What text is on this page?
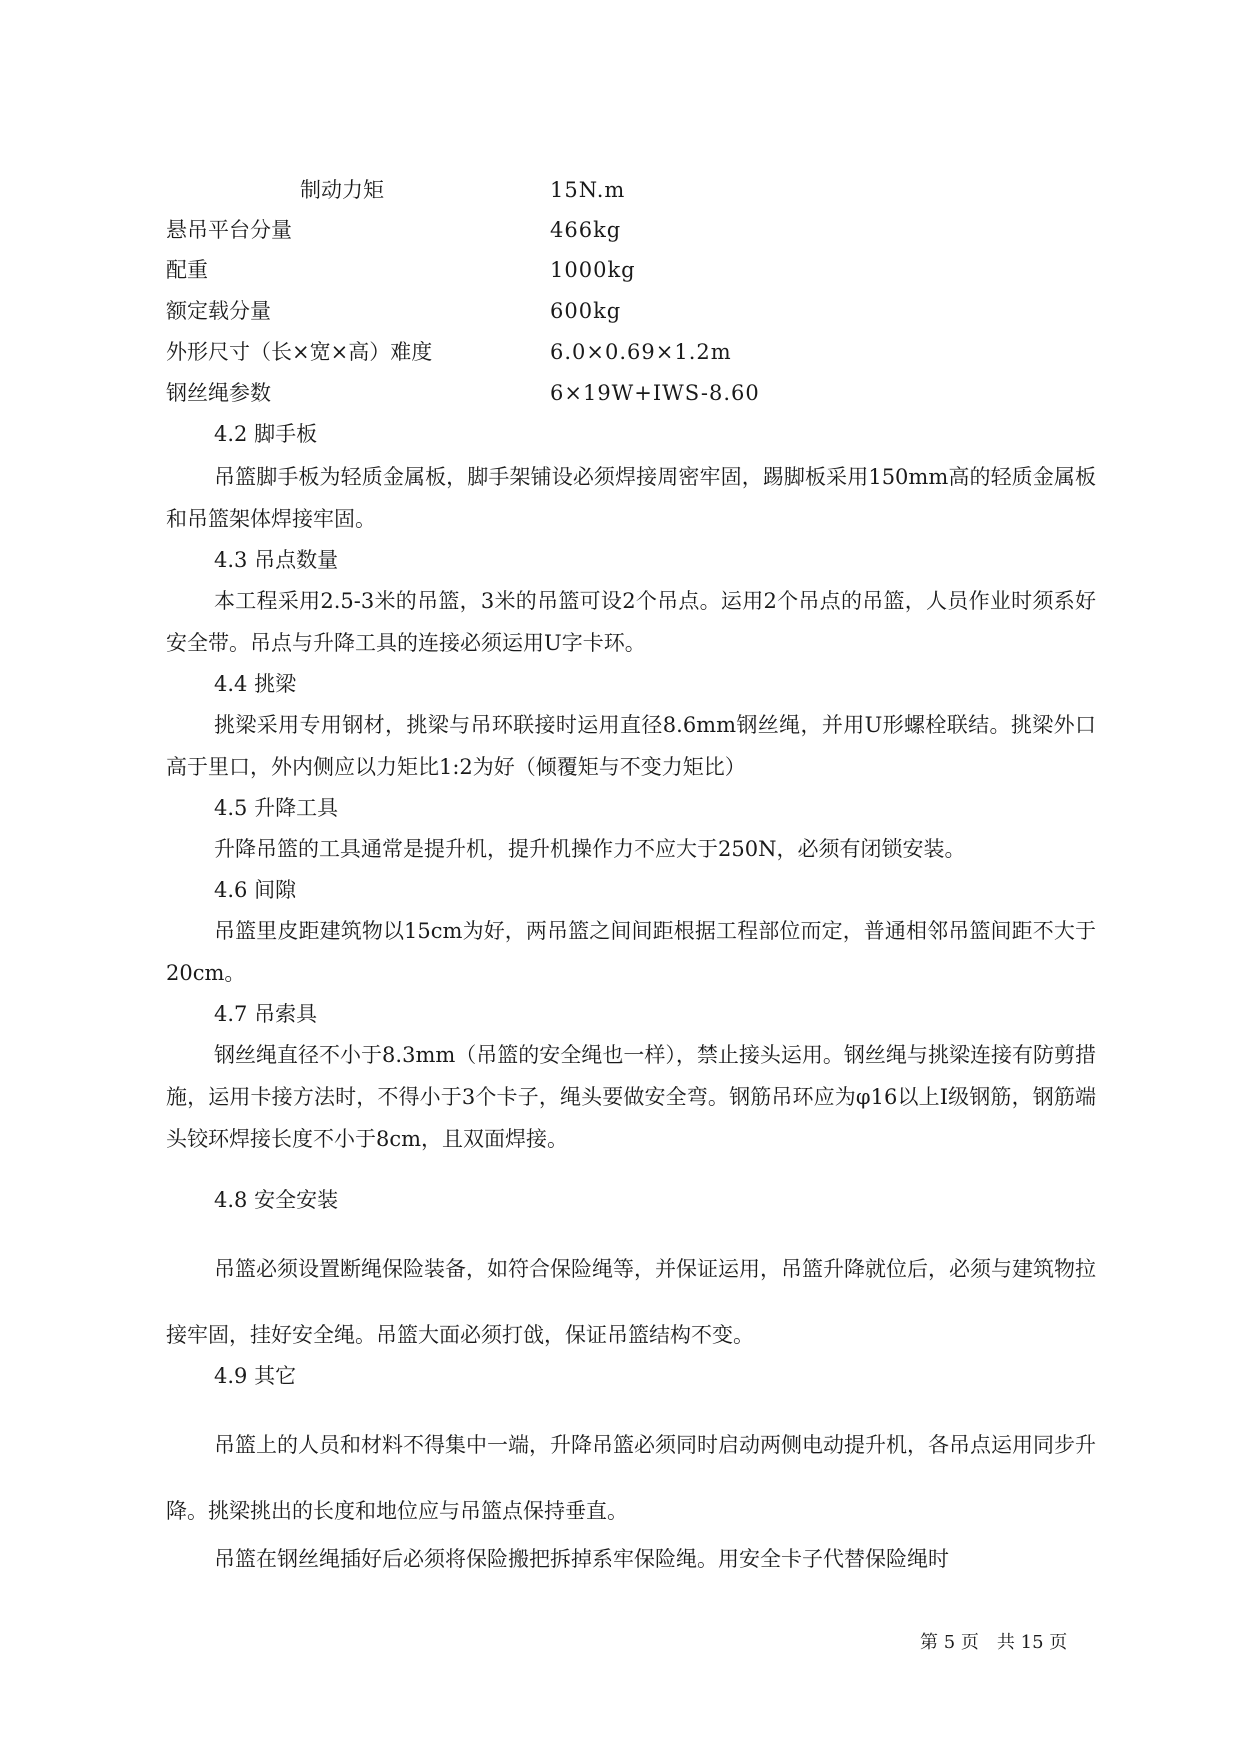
制动力矩	15N.m
悬吊平台分量	466kg
配重	1000kg
额定载分量	600kg
外形尺寸（长×宽×高）难度	6.0×0.69×1.2m
钢丝绳参数	6×19W+IWS-8.60
4.2 脚手板

吊篮脚手板为轻质金属板，脚手架铺设必须焊接周密牢固，踢脚板采用150mm高的轻质金属板和吊篮架体焊接牢固。

4.3 吊点数量

本工程采用2.5-3米的吊篮，3米的吊篮可设2个吊点。运用2个吊点的吊篮，人员作业时须系好安全带。吊点与升降工具的连接必须运用U字卡环。

4.4 挑梁

挑梁采用专用钢材，挑梁与吊环联接时运用直径8.6mm钢丝绳，并用U形螺栓联结。挑梁外口高于里口，外内侧应以力矩比1:2为好（倾覆矩与不变力矩比）

4.5 升降工具

升降吊篮的工具通常是提升机，提升机操作力不应大于250N，必须有闭锁安装。

4.6 间隙

吊篮里皮距建筑物以15cm为好，两吊篮之间间距根据工程部位而定，普通相邻吊篮间距不大于20cm。

4.7 吊索具

钢丝绳直径不小于8.3mm（吊篮的安全绳也一样），禁止接头运用。钢丝绳与挑梁连接有防剪措施，运用卡接方法时，不得小于3个卡子，绳头要做安全弯。钢筋吊环应为φ16以上Ⅰ级钢筋，钢筋端头铰环焊接长度不小于8cm，且双面焊接。

4.8 安全安装

吊篮必须设置断绳保险装备，如符合保险绳等，并保证运用，吊篮升降就位后，必须与建筑物拉接牢固，挂好安全绳。吊篮大面必须打戗，保证吊篮结构不变。

4.9 其它

吊篮上的人员和材料不得集中一端，升降吊篮必须同时启动两侧电动提升机，各吊点运用同步升降。挑梁挑出的长度和地位应与吊篮点保持垂直。

吊篮在钢丝绳插好后必须将保险搬把拆掉系牢保险绳。用安全卡子代替保险绳时

第 5 页　共 15 页
